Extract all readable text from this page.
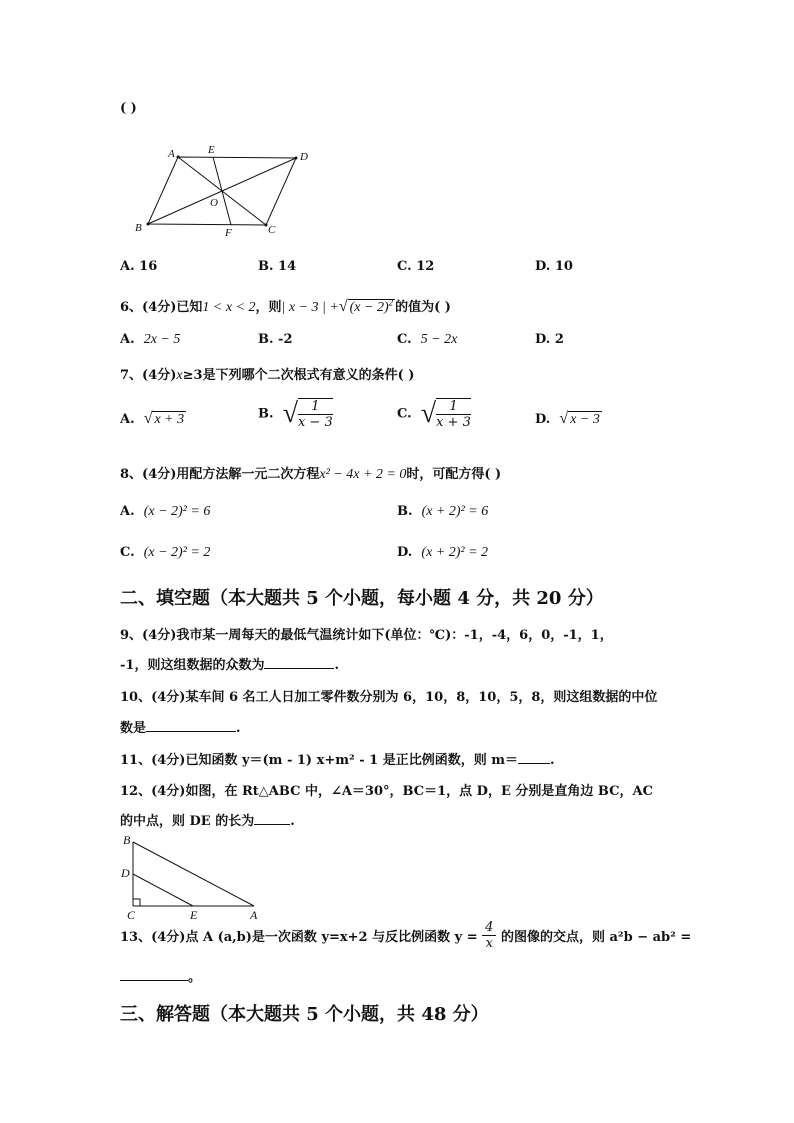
( )
A	E
D
O
B	F	C
A. 16	B. 14	C. 12	D. 10
6、(4分)已知1 < x < 2，则| x − 3 | +√ $(x - 2)^2$ 的值为( )
A. 2x − 5	B. -2	C. 5 − 2x	D. 2
7、(4分)x≥3是下列哪个二次根式有意义的条件( )
A. √ x + 3	B. √ $\frac{1}{x - 3}$	C. √ $\frac{1}{x + 3}$	D. √ x − 3
8、(4分)用配方法解一元二次方程x² − 4x + 2 = 0时，可配方得( )
A. (x − 2)² = 6	B. (x + 2)² = 6
C. (x − 2)² = 2	D. (x + 2)² = 2
二、填空题（本大题共 5 个小题，每小题 4 分，共 20 分）
9、(4分)我市某一周每天的最低气温统计如下(单位：℃)：-1，-4，6，0，-1，1，
-1，则这组数据的众数为	.
10、(4分)某车间 6 名工人日加工零件数分别为 6，10，8，10，5，8，则这组数据的中位
数是	.
11、(4分)已知函数 y＝(m - 1) x+m² - 1 是正比例函数，则 m＝ .
12、(4分)如图，在 Rt△ABC 中，∠A＝30°，BC＝1，点 D，E 分别是直角边 BC，AC
的中点，则 DE 的长为	.
B
D
C	E	A
13、(4分)点 A (a,b)是一次函数 y=x+2 与反比例函数 $y = \frac{4}{x}$ 的图像的交点，则 a²b − ab² =
。
三、解答题（本大题共 5 个小题，共 48 分）
